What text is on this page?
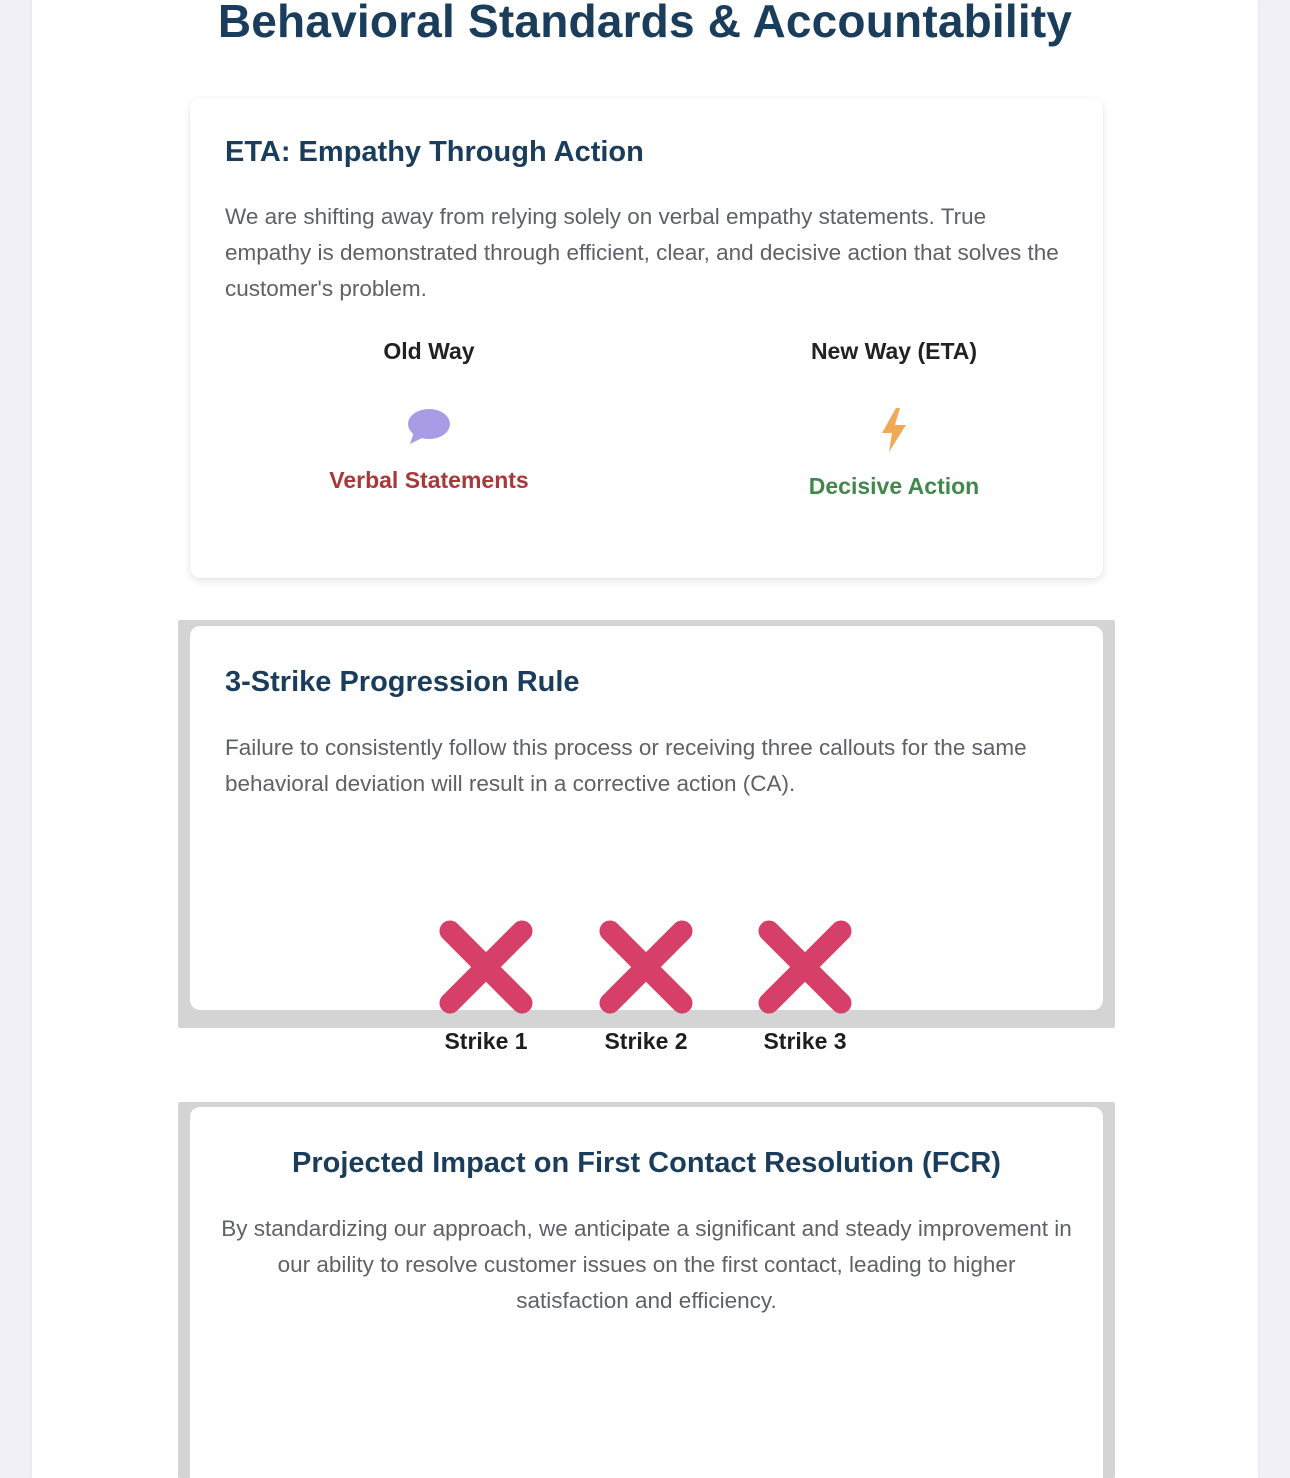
Behavioral Standards & Accountability
ETA: Empathy Through Action

We are shifting away from relying solely on verbal empathy statements. True empathy is demonstrated through efficient, clear, and decisive action that solves the customer's problem.

Old Way
Verbal Statements
New Way (ETA)
Decisive Action
3-Strike Progression Rule

Failure to consistently follow this process or receiving three callouts for the same behavioral deviation will result in a corrective action (CA).

Projected Impact on First Contact Resolution (FCR)

By standardizing our approach, we anticipate a significant and steady improvement in our ability to resolve customer issues on the first contact, leading to higher satisfaction and efficiency.

Strike 1	Strike 2	Strike 3
